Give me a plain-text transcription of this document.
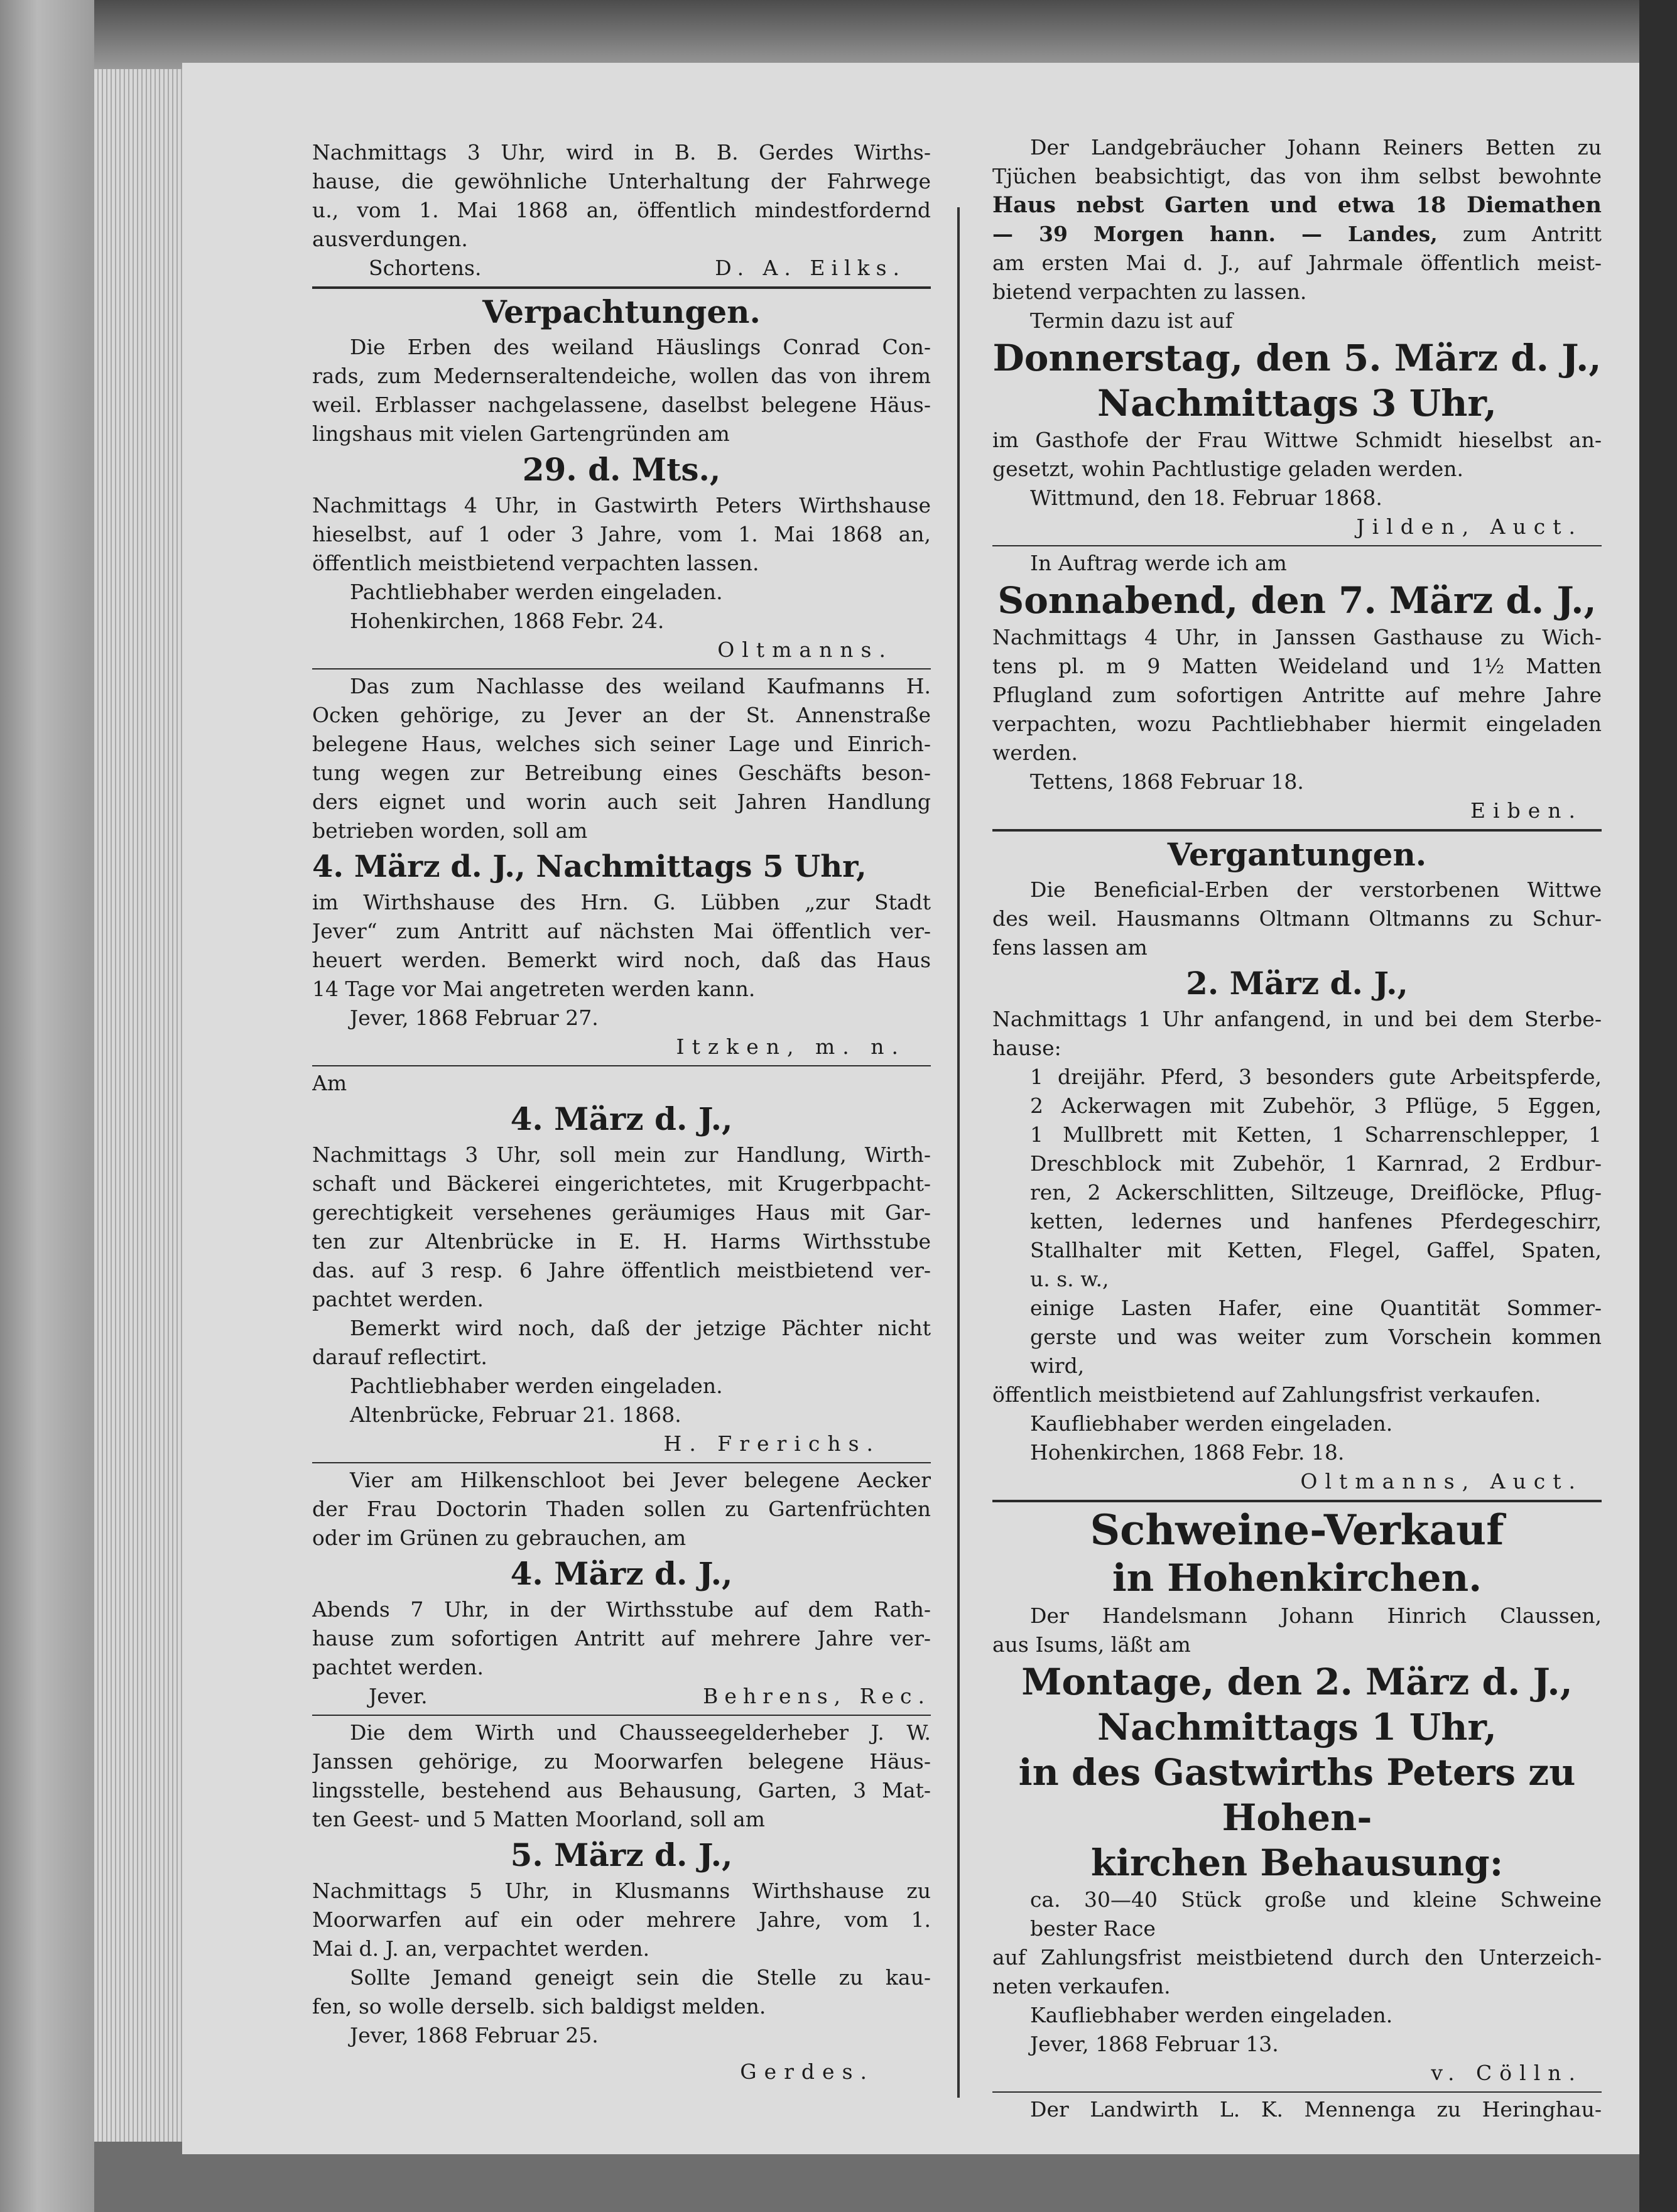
Nachmittags 3 Uhr, wird in B. B. Gerdes Wirths-
hause, die gewöhnliche Unterhaltung der Fahrwege
u., vom 1. Mai 1868 an, öffentlich mindestfordernd
ausverdungen.
Schortens.	D. A. Eilks.
Verpachtungen.
Die Erben des weiland Häuslings Conrad Con-
rads, zum Medernseraltendeiche, wollen das von ihrem
weil. Erblasser nachgelassene, daselbst belegene Häus-
lingshaus mit vielen Gartengründen am
29. d. Mts.,
Nachmittags 4 Uhr, in Gastwirth Peters Wirthshause
hieselbst, auf 1 oder 3 Jahre, vom 1. Mai 1868 an,
öffentlich meistbietend verpachten lassen.
Pachtliebhaber werden eingeladen.
Hohenkirchen, 1868 Febr. 24.
Oltmanns.
Das zum Nachlasse des weiland Kaufmanns H.
Ocken gehörige, zu Jever an der St. Annenstraße
belegene Haus, welches sich seiner Lage und Einrich-
tung wegen zur Betreibung eines Geschäfts beson-
ders eignet und worin auch seit Jahren Handlung
betrieben worden, soll am
4. März d. J., Nachmittags 5 Uhr,
im Wirthshause des Hrn. G. Lübben „zur Stadt
Jever“ zum Antritt auf nächsten Mai öffentlich ver-
heuert werden. Bemerkt wird noch, daß das Haus
14 Tage vor Mai angetreten werden kann.
Jever, 1868 Februar 27.
Itzken, m. n.
Am
4. März d. J.,
Nachmittags 3 Uhr, soll mein zur Handlung, Wirth-
schaft und Bäckerei eingerichtetes, mit Krugerbpacht-
gerechtigkeit versehenes geräumiges Haus mit Gar-
ten zur Altenbrücke in E. H. Harms Wirthsstube
das. auf 3 resp. 6 Jahre öffentlich meistbietend ver-
pachtet werden.
Bemerkt wird noch, daß der jetzige Pächter nicht
darauf reflectirt.
Pachtliebhaber werden eingeladen.
Altenbrücke, Februar 21. 1868.
H. Frerichs.
Vier am Hilkenschloot bei Jever belegene Aecker
der Frau Doctorin Thaden sollen zu Gartenfrüchten
oder im Grünen zu gebrauchen, am
4. März d. J.,
Abends 7 Uhr, in der Wirthsstube auf dem Rath-
hause zum sofortigen Antritt auf mehrere Jahre ver-
pachtet werden.
Jever.	Behrens, Rec.
Die dem Wirth und Chausseegelderheber J. W.
Janssen gehörige, zu Moorwarfen belegene Häus-
lingsstelle, bestehend aus Behausung, Garten, 3 Mat-
ten Geest- und 5 Matten Moorland, soll am
5. März d. J.,
Nachmittags 5 Uhr, in Klusmanns Wirthshause zu
Moorwarfen auf ein oder mehrere Jahre, vom 1.
Mai d. J. an, verpachtet werden.
Sollte Jemand geneigt sein die Stelle zu kau-
fen, so wolle derselb. sich baldigst melden.
Jever, 1868 Februar 25.
Gerdes.
Der Landgebräucher Johann Reiners Betten zu
Tjüchen beabsichtigt, das von ihm selbst bewohnte
Haus nebst Garten und etwa 18 Diemathen
— 39 Morgen hann. — Landes, zum Antritt
am ersten Mai d. J., auf Jahrmale öffentlich meist-
bietend verpachten zu lassen.
Termin dazu ist auf
Donnerstag, den 5. März d. J.,
Nachmittags 3 Uhr,
im Gasthofe der Frau Wittwe Schmidt hieselbst an-
gesetzt, wohin Pachtlustige geladen werden.
Wittmund, den 18. Februar 1868.
Jilden, Auct.
In Auftrag werde ich am
Sonnabend, den 7. März d. J.,
Nachmittags 4 Uhr, in Janssen Gasthause zu Wich-
tens pl. m 9 Matten Weideland und 1½ Matten
Pflugland zum sofortigen Antritte auf mehre Jahre
verpachten, wozu Pachtliebhaber hiermit eingeladen
werden.
Tettens, 1868 Februar 18.
Eiben.
Vergantungen.
Die Beneficial-Erben der verstorbenen Wittwe
des weil. Hausmanns Oltmann Oltmanns zu Schur-
fens lassen am
2. März d. J.,
Nachmittags 1 Uhr anfangend, in und bei dem Sterbe-
hause:
1 dreijähr. Pferd, 3 besonders gute Arbeitspferde,
2 Ackerwagen mit Zubehör, 3 Pflüge, 5 Eggen,
1 Mullbrett mit Ketten, 1 Scharrenschlepper, 1
Dreschblock mit Zubehör, 1 Karnrad, 2 Erdbur-
ren, 2 Ackerschlitten, Siltzeuge, Dreiflöcke, Pflug-
ketten, ledernes und hanfenes Pferdegeschirr,
Stallhalter mit Ketten, Flegel, Gaffel, Spaten,
u. s. w.,
einige Lasten Hafer, eine Quantität Sommer-
gerste und was weiter zum Vorschein kommen
wird,
öffentlich meistbietend auf Zahlungsfrist verkaufen.
Kaufliebhaber werden eingeladen.
Hohenkirchen, 1868 Febr. 18.
Oltmanns, Auct.
Schweine-Verkauf
in Hohenkirchen.
Der Handelsmann Johann Hinrich Claussen,
aus Isums, läßt am
Montage, den 2. März d. J.,
Nachmittags 1 Uhr,
in des Gastwirths Peters zu Hohen-
kirchen Behausung:
ca. 30—40 Stück große und kleine Schweine
bester Race
auf Zahlungsfrist meistbietend durch den Unterzeich-
neten verkaufen.
Kaufliebhaber werden eingeladen.
Jever, 1868 Februar 13.
v. Cölln.
Der Landwirth L. K. Mennenga zu Heringhau-
